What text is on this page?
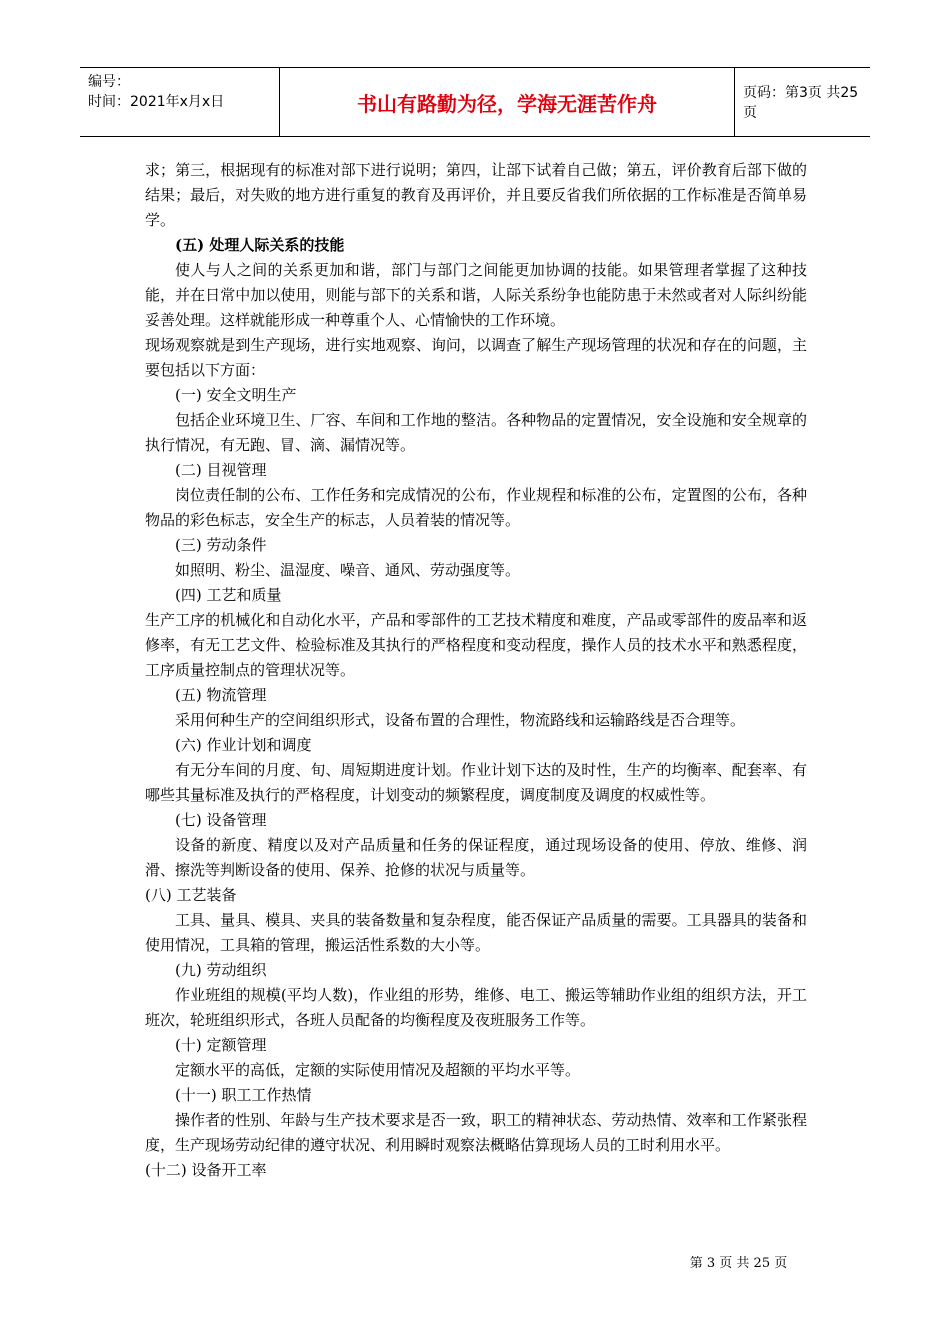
编号：
时间：2021年x月x日	书山有路勤为径，学海无涯苦作舟	页码：第3页 共25页

求；第三，根据现有的标准对部下进行说明；第四，让部下试着自己做；第五，评价教育后部下做的结果；最后，对失败的地方进行重复的教育及再评价，并且要反省我们所依据的工作标准是否简单易学。

(五) 处理人际关系的技能

使人与人之间的关系更加和谐，部门与部门之间能更加协调的技能。如果管理者掌握了这种技能，并在日常中加以使用，则能与部下的关系和谐，人际关系纷争也能防患于未然或者对人际纠纷能妥善处理。这样就能形成一种尊重个人、心情愉快的工作环境。

现场观察就是到生产现场，进行实地观察、询问，以调查了解生产现场管理的状况和存在的问题，主要包括以下方面：

(一) 安全文明生产

包括企业环境卫生、厂容、车间和工作地的整洁。各种物品的定置情况，安全设施和安全规章的执行情况，有无跑、冒、滴、漏情况等。

(二) 目视管理

岗位责任制的公布、工作任务和完成情况的公布，作业规程和标准的公布，定置图的公布，各种物品的彩色标志，安全生产的标志，人员着装的情况等。

(三) 劳动条件

如照明、粉尘、温湿度、噪音、通风、劳动强度等。

(四) 工艺和质量

生产工序的机械化和自动化水平，产品和零部件的工艺技术精度和难度，产品或零部件的废品率和返修率，有无工艺文件、检验标准及其执行的严格程度和变动程度，操作人员的技术水平和熟悉程度，工序质量控制点的管理状况等。

(五) 物流管理

采用何种生产的空间组织形式，设备布置的合理性，物流路线和运输路线是否合理等。

(六) 作业计划和调度

有无分车间的月度、旬、周短期进度计划。作业计划下达的及时性，生产的均衡率、配套率、有哪些其量标准及执行的严格程度，计划变动的频繁程度，调度制度及调度的权威性等。

(七) 设备管理

设备的新度、精度以及对产品质量和任务的保证程度，通过现场设备的使用、停放、维修、润滑、擦洗等判断设备的使用、保养、抢修的状况与质量等。

(八) 工艺装备

工具、量具、模具、夹具的装备数量和复杂程度，能否保证产品质量的需要。工具器具的装备和使用情况，工具箱的管理，搬运活性系数的大小等。

(九) 劳动组织

作业班组的规模(平均人数)，作业组的形势，维修、电工、搬运等辅助作业组的组织方法，开工班次，轮班组织形式，各班人员配备的均衡程度及夜班服务工作等。

(十) 定额管理

定额水平的高低，定额的实际使用情况及超额的平均水平等。

(十一) 职工工作热情

操作者的性别、年龄与生产技术要求是否一致，职工的精神状态、劳动热情、效率和工作紧张程度，生产现场劳动纪律的遵守状况、利用瞬时观察法概略估算现场人员的工时利用水平。

(十二) 设备开工率

第 3 页 共 25 页
